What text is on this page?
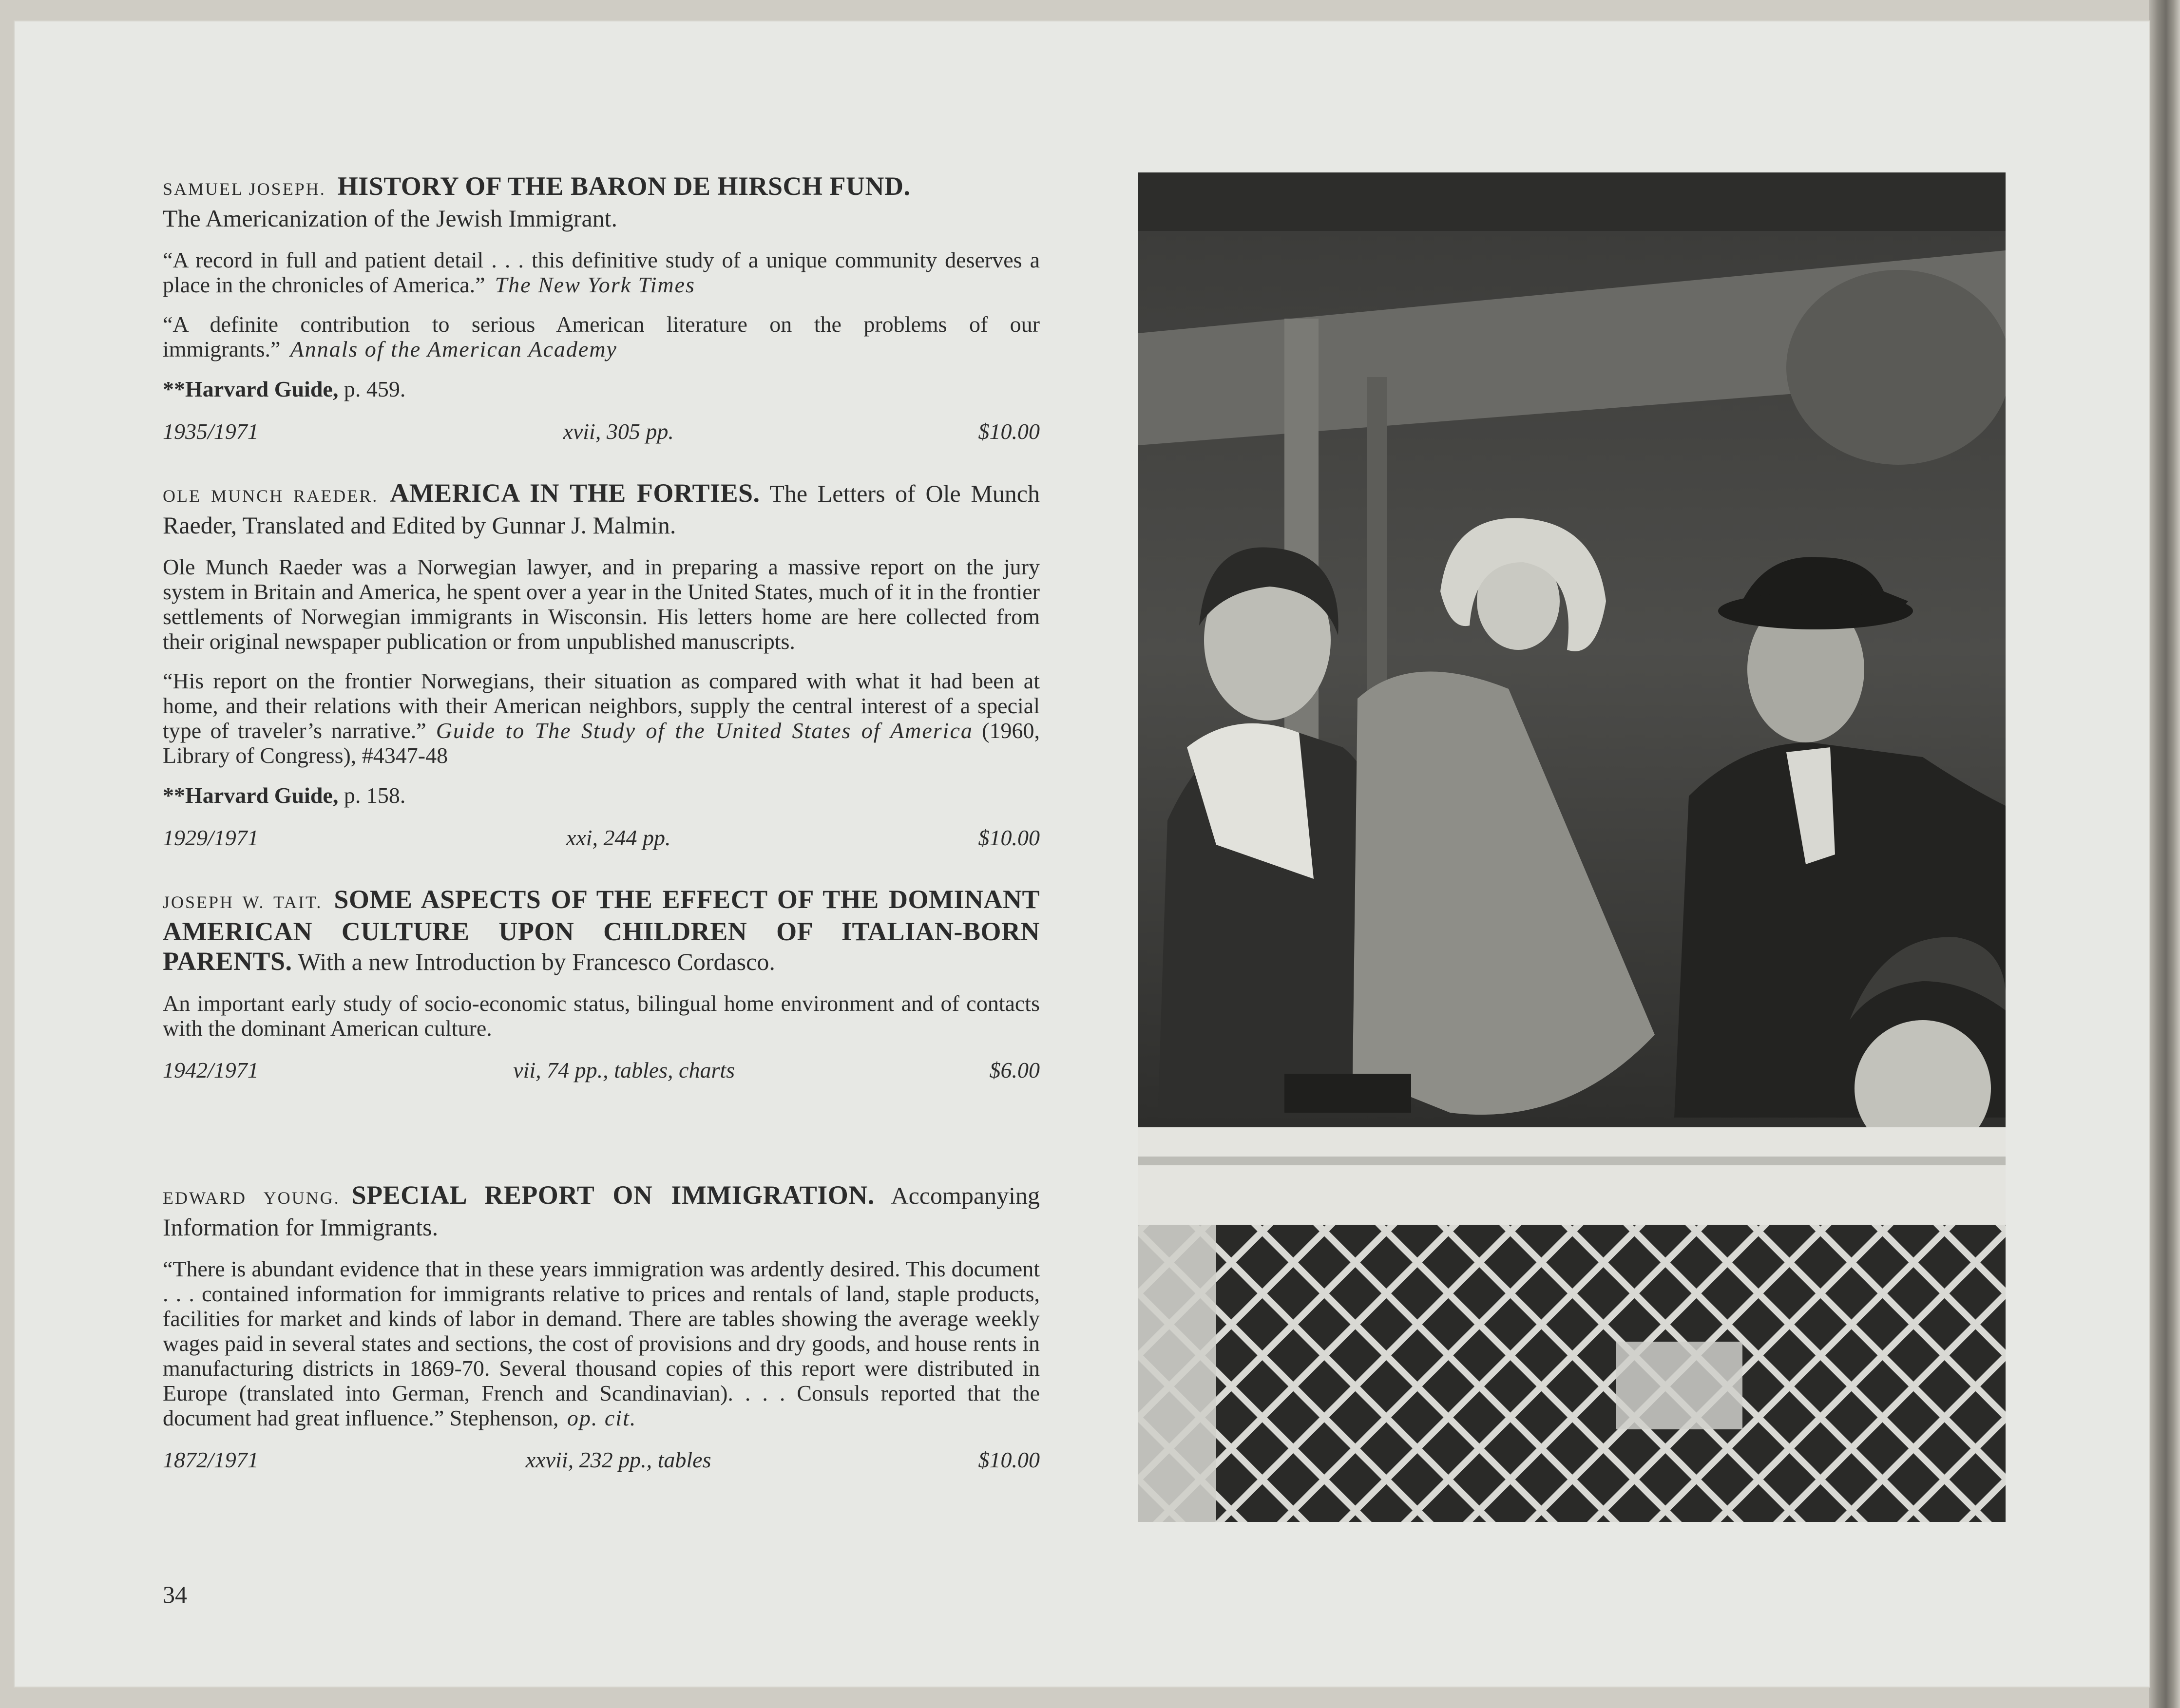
SAMUEL JOSEPH. HISTORY OF THE BARON DE HIRSCH FUND.
The Americanization of the Jewish Immigrant.
“A record in full and patient detail . . . this definitive study of a unique community deserves a place in the chronicles of America.” The New York Times
“A definite contribution to serious American literature on the problems of our immigrants.” Annals of the American Academy
**Harvard Guide, p. 459.
1935/1971	xvii, 305 pp.	$10.00
OLE MUNCH RAEDER. AMERICA IN THE FORTIES. The Letters of Ole Munch Raeder, Translated and Edited by Gunnar J. Malmin.
Ole Munch Raeder was a Norwegian lawyer, and in preparing a massive report on the jury system in Britain and America, he spent over a year in the United States, much of it in the frontier settlements of Norwegian immigrants in Wisconsin. His letters home are here collected from their original newspaper publication or from unpublished manuscripts.
“His report on the frontier Norwegians, their situation as compared with what it had been at home, and their relations with their American neighbors, supply the central interest of a special type of traveler’s narrative.” Guide to The Study of the United States of America (1960, Library of Congress), #4347-48
**Harvard Guide, p. 158.
1929/1971	xxi, 244 pp.	$10.00
JOSEPH W. TAIT. SOME ASPECTS OF THE EFFECT OF THE DOMINANT AMERICAN CULTURE UPON CHILDREN OF ITALIAN-BORN PARENTS. With a new Introduction by Francesco Cordasco.
An important early study of socio-economic status, bilingual home environment and of contacts with the dominant American culture.
1942/1971	vii, 74 pp., tables, charts	$6.00
EDWARD YOUNG. SPECIAL REPORT ON IMMIGRATION. Accompanying Information for Immigrants.
“There is abundant evidence that in these years immigration was ardently desired. This document . . . contained information for immigrants relative to prices and rentals of land, staple products, facilities for market and kinds of labor in demand. There are tables showing the average weekly wages paid in several states and sections, the cost of provisions and dry goods, and house rents in manufacturing districts in 1869-70. Several thousand copies of this report were distributed in Europe (translated into German, French and Scandinavian). . . . Consuls reported that the document had great influence.” Stephenson, op. cit.
1872/1971	xxvii, 232 pp., tables	$10.00
34
